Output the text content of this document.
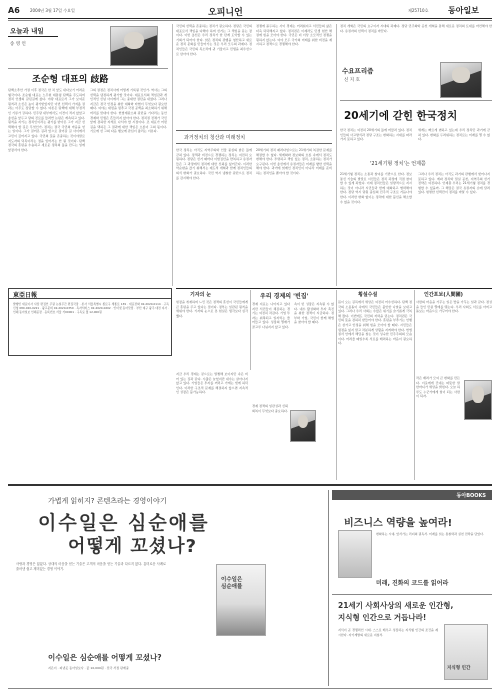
A6	2004년 3월 17일 수요일	오피니언	제25710호 동아일보
오늘과 내일
송 영 언
조순형 대표의 歧路
탄핵소추안 가결 이후 정국은 한 치 앞도 내다보기 어려운 형국이다. 조순형 대표는 노무현 대통령 탄핵을 주도하며 정치 인생의 갈림길에 섰다. 야당 대표로서 그가 보여준 원칙과 소신은 높이 평가받았지만 이번 선택이 가져올 결과는 아무도 장담할 수 없다. 여론은 탄핵에 대해 부정적인 기류가 강하다. 민주당 내부에서도 이견이 적지 않았고 총선을 앞두고 당의 진로를 둘러싼 논란은 계속되고 있다. 원칙을 지키는 정치인이라는 평가를 받아온 그가 지금 선택해야 할 길은 무엇인가. 정치는 결국 국민의 마음을 얻는 일이다. 그가 걸어온 길과 앞으로 걸어갈 길 사이에서 고민이 깊어지고 있다. 국민의 뜻을 존중하는 것이야말로 지도자의 덕목이라는 점을 잊어서는 안 될 것이다. 탄핵 정국의 혼란을 수습하고 새로운 정치의 틀을 만드는 일에 앞장서야 한다.
그의 결정은 정치사에 어떻게 기록될 것인가. 역사는 그의 선택을 냉정하게 평가할 것이다. 대표로서의 책임감과 개인적인 신념 사이에서 그는 중대한 결단을 내렸다. 그러나 지금은 정국 안정을 위한 대화와 타협이 무엇보다 필요한 때다. 여야는 대립을 멈추고 국정 공백을 최소화하기 위해 머리를 맞대야 한다. 헌법재판소의 판단을 기다리는 동안 경제와 민생은 흔들리지 않아야 한다. 정치권 전체가 국민 앞에 겸허한 자세로 나서야 할 시점이다. 조 대표가 어떤 길을 택하든 그 결과에 대한 책임은 오롯이 그의 몫이다. 기로에 선 그의 다음 행보에 관심이 쏠리는 이유다.
국민의 선택을 존중하는 정치가 필요하다. 정당은 국민의 대표로서 책임을 다해야 하며 선거는 그 책임을 묻는 장이다. 이번 총선은 우리 정치가 한 단계 도약할 수 있는 기회가 되어야 한다. 낡은 정치의 관행을 청산하고 새로운 정치 문화를 만들어가는 것은 우리 모두의 과제다. 정치인들은 국민의 목소리에 귀 기울이고 민생을 최우선으로 삼아야 한다.
정쟁에 몰두하는 사이 경제는 어려워지고 서민들의 삶은 더욱 팍팍해지고 있다. 정치권은 이제라도 민생 현안 해결에 힘을 모아야 한다. 국민은 더 이상 소모적인 정쟁을 원하지 않는다. 여야 모두 국가의 미래를 위한 비전을 제시하고 정책으로 경쟁해야 한다.
과거정치의 청산과 미래정치
한국 정치는 아직도 지역주의와 인물 중심의 낡은 틀에 갇혀 있다. 정책과 비전으로 경쟁하는 정치는 여전히 요원하다. 정당은 선거 때마다 이합집산을 반복하고 유권자들은 그 과정에서 정치에 대한 신뢰를 잃어간다. 이러한 악순환을 끊기 위해서는 제도적 개혁과 함께 정치인들의 의식 변화가 필요하다. 국민 역시 냉철한 판단으로 정치를 감시해야 한다.
20세기의 정치 패러다임으로는 21세기의 복잡한 문제를 해결할 수 없다. 세계화와 정보화의 흐름 속에서 정치도 변해야 한다. 투명하고 책임 있는 정치, 소통하는 정치가 요구된다. 이번 총선에서 유권자들은 미래를 향한 선택을 해야 한다. 과거에 얽매인 정치인이 아니라 미래를 준비하는 정치인을 뽑아야 할 것이다.
정치 개혁은 국민의 요구이자 시대의 과제다. 정당 민주화와 공천 개혁을 통해 새로운 정치의 토대를 마련해야 한다. 유권자의 선택이 정치를 바꾼다.
수요프리즘
신 지 호
20세기에 갇힌 한국정치
한국 정치는 여전히 20세기의 틀에 머물러 있다. 정치인들의 사고방식과 정당 구조는 변화하는 시대를 따라가지 못하고 있다.
세계는 빠르게 변하고 있는데 우리 정치만 과거에 갇혀 있다. 변화를 두려워하는 정치로는 미래를 열 수 없다.
'21세기형 정치'는 언제쯤
21세기형 정치는 소통과 참여를 기반으로 한다. 정보통신 기술의 발달로 시민들은 정치 과정에 직접 참여할 수 있게 되었다. 이제 정치인들은 일방적으로 지시하는 것이 아니라 시민들과 함께 대화하고 협력해야 한다. 정당 역시 당원 중심의 민주적 구조로 거듭나야 한다. 이러한 변화 없이는 정치에 대한 불신을 해소할 수 없을 것이다.
그러나 우리 정치는 아직도 과거의 관행에서 벗어나지 못하고 있다. 계파 정치와 밀실 공천, 지역주의 선거 전략은 여전하다. 언제쯤 우리는 21세기형 정치를 경험할 수 있을까. 그 해답은 결국 유권자의 손에 달려 있다. 현명한 선택만이 정치를 바꿀 수 있다.
東亞日報
발행인 대표이사 사장 편집인 주필 논설주간 편집국장 · 본사 서울특별시 종로구 세종로 139 · 대표전화 02-2020-0114 · 구독신청 080-020-0221 · 광고문의 02-2020-0350 · 독자서비스 02-2020-0202 · 인터넷 동아닷컴 · 부산 대구 광주 대전 지사 · 인쇄 동아일보 인쇄공장 · 등록번호 서울 가00001 · 구독료 월 12,000원
기자의 눈
현장을 취재하며 느낀 것은 정책의 혼선이 국민들에게 큰 혼란을 주고 있다는 점이다. 정부는 일관된 원칙을 세워야 한다. 기자의 눈으로 본 현실은 생각보다 심각했다.
우리 경제의 '빈집'
경제 지표는 나아지고 있다지만 서민들이 체감하는 경기는 여전히 차갑다. 기업 투자는 위축되고 일자리는 줄어들고 있다. 성장의 열매가 골고루 나눠지지 않고 있다.
속이 빈 성장은 지속될 수 없다. 내수 활성화와 투자 촉진을 위한 정책이 시급하다. 정부와 기업, 국민이 함께 해법을 찾아야 할 때다.
횡설수설
봄이 오는 길목에서 세상은 여전히 어수선하다. 탄핵 정국의 소용돌이 속에서 국민들은 불안한 나날을 보내고 있다. 그러나 우리 사회는 수많은 위기를 슬기롭게 극복해 왔다. 이번에도 국민의 저력을 믿는다. 정치권은 국민의 뜻을 겸허히 받들어야 한다. 혼란을 부추기는 언행은 삼가고 안정을 위해 힘을 모아야 할 때다. 시민들은 냉정을 잃지 말고 차분하게 상황을 지켜봐야 한다. 헌법 질서 안에서 해답을 찾는 것이 성숙한 민주주의의 모습이다. 어려울 때일수록 서로를 배려하는 마음이 필요하다.
인간포보(人間圃)
사람의 마음을 가꾸는 일은 밭을 가꾸는 일과 같다. 정성을 들인 만큼 열매를 맺는다. 우리 사회도 서로를 아끼고 돌보는 마음으로 가꾸어야 한다.
작은 배려가 모여 큰 변화를 만든다. 이웃에게 건네는 따뜻한 말 한마디가 세상을 밝힌다. 오늘 하루도 누군가에게 힘이 되는 사람이 되자.
지금 우리 경제는 겉으로는 멀쩡해 보이지만 속은 비어 있는 집과 같다. 수출은 늘었지만 내수는 살아나지 않고 있다. 기업들은 투자를 꺼리고 가계는 빚에 허덕인다. 이러한 구조적 문제를 해결하지 않으면 지속적인 성장은 불가능하다.
경제 정책의 일관성과 신뢰 회복이 무엇보다 중요하다.
가볍게 읽히지? 콘텐츠라는 경영이야기
이수일은 심순애를
어떻게 꼬셨나?
사랑과 경영은 닮았다. 상대의 마음을 얻는 기술은 고객의 마음을 얻는 기술과 다르지 않다. 흥미로운 사례로 풀어낸 쉽고 재미있는 경영 이야기.
이수일은
심순애를
이수일은 심순애를 어떻게 꼬셨나?
지은이 · 펴낸곳 동아일보사 · 값 10,000원 · 전국 서점 판매중
동아BOOKS
비즈니스 역량을 높여라!
변화하는 시대, 앞서가는 리더의 필독서. 미래를 읽는 통찰력과 실천 전략을 담았다.
미래, 진화의 코드를 읽어라
21세기 사회사상의 새로운 인간형,
지식형 인간으로 거듭나라!
지식이 곧 경쟁력인 시대. 스스로 배우고 성장하는 지식형 인간의 조건을 제시한다. 자기계발의 새로운 지침서.
지식형 인간
